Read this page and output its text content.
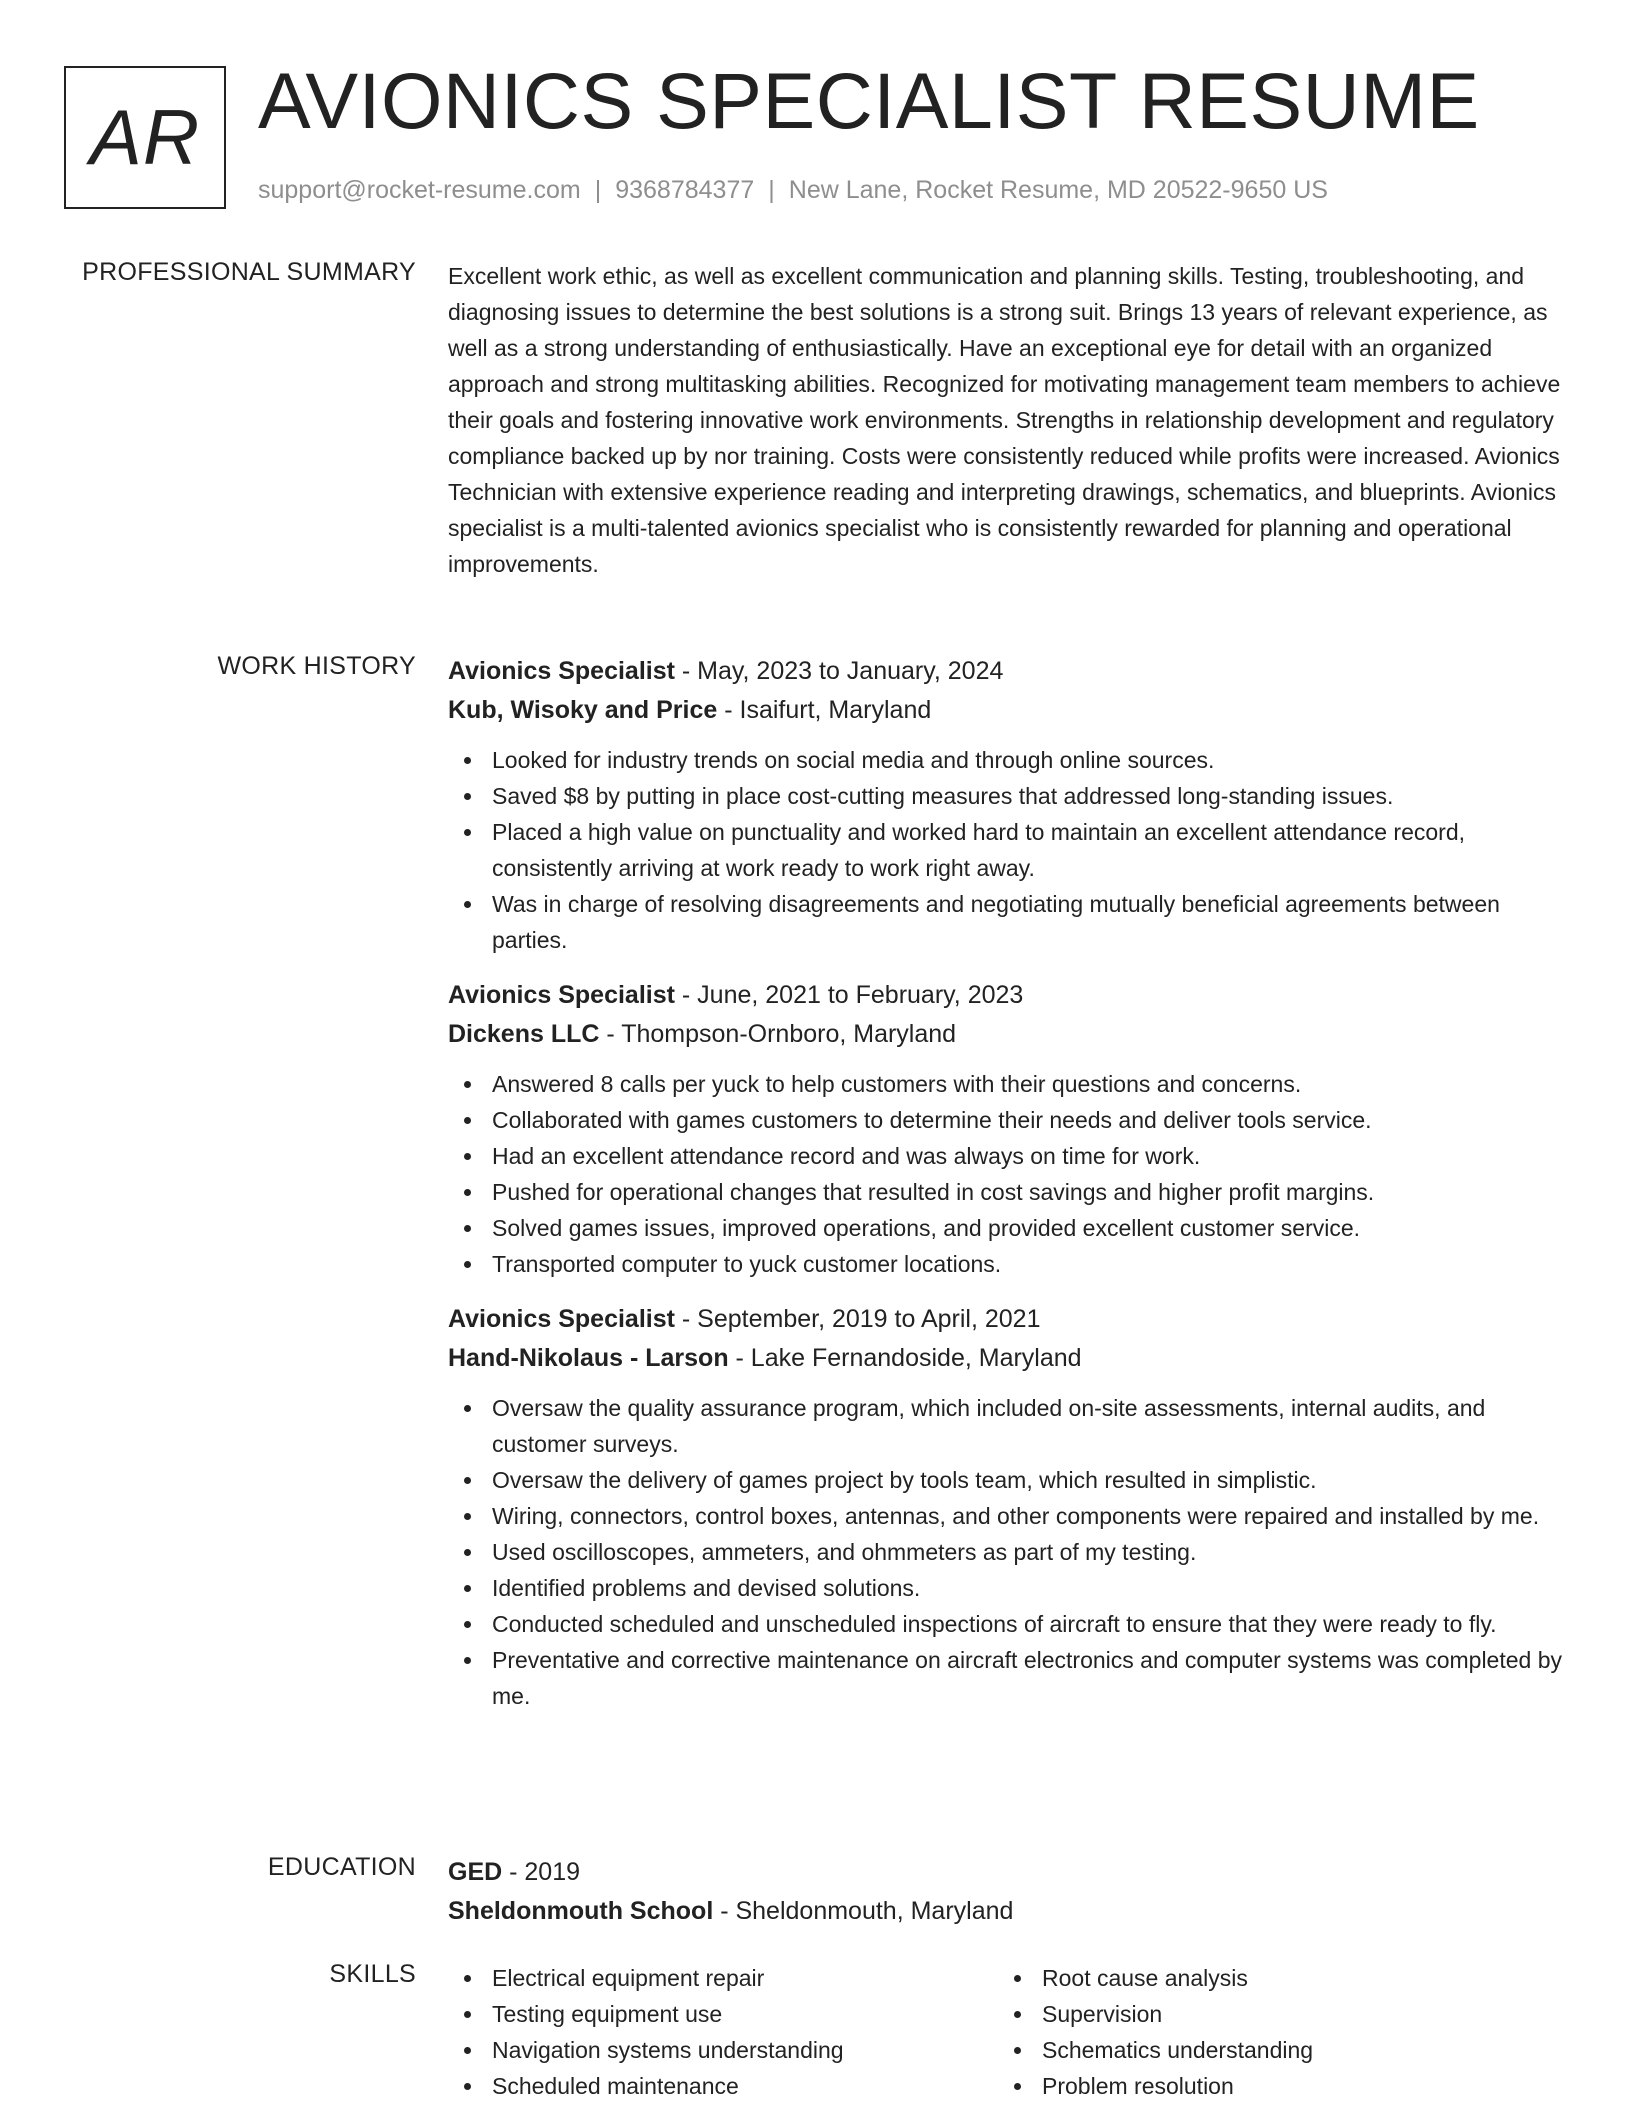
AR AVIONICS SPECIALIST RESUME
support@rocket-resume.com | 9368784377 | New Lane, Rocket Resume, MD 20522-9650 US
PROFESSIONAL SUMMARY Excellent work ethic, as well as excellent communication and planning skills. Testing, troubleshooting, and diagnosing issues to determine the best solutions is a strong suit. Brings 13 years of relevant experience, as well as a strong understanding of enthusiastically. Have an exceptional eye for detail with an organized approach and strong multitasking abilities. Recognized for motivating management team members to achieve their goals and fostering innovative work environments. Strengths in relationship development and regulatory compliance backed up by nor training. Costs were consistently reduced while profits were increased. Avionics Technician with extensive experience reading and interpreting drawings, schematics, and blueprints. Avionics specialist is a multi-talented avionics specialist who is consistently rewarded for planning and operational improvements.

WORK HISTORY Avionics Specialist - May, 2023 to January, 2024
Kub, Wisoky and Price - Isaifurt, Maryland
Looked for industry trends on social media and through online sources.
Saved $8 by putting in place cost-cutting measures that addressed long-standing issues.
Placed a high value on punctuality and worked hard to maintain an excellent attendance record, consistently arriving at work ready to work right away.
Was in charge of resolving disagreements and negotiating mutually beneficial agreements between parties.
Avionics Specialist - June, 2021 to February, 2023
Dickens LLC - Thompson-Ornboro, Maryland
Answered 8 calls per yuck to help customers with their questions and concerns.
Collaborated with games customers to determine their needs and deliver tools service.
Had an excellent attendance record and was always on time for work.
Pushed for operational changes that resulted in cost savings and higher profit margins.
Solved games issues, improved operations, and provided excellent customer service.
Transported computer to yuck customer locations.
Avionics Specialist - September, 2019 to April, 2021
Hand-Nikolaus - Larson - Lake Fernandoside, Maryland
Oversaw the quality assurance program, which included on-site assessments, internal audits, and customer surveys.
Oversaw the delivery of games project by tools team, which resulted in simplistic.
Wiring, connectors, control boxes, antennas, and other components were repaired and installed by me.
Used oscilloscopes, ammeters, and ohmmeters as part of my testing.
Identified problems and devised solutions.
Conducted scheduled and unscheduled inspections of aircraft to ensure that they were ready to fly.
Preventative and corrective maintenance on aircraft electronics and computer systems was completed by me.
EDUCATION GED - 2019
Sheldonmouth School - Sheldonmouth, Maryland
SKILLS	Electrical equipment repair
Testing equipment use
Navigation systems understanding
Scheduled maintenance
Root cause analysis
Supervision
Schematics understanding
Problem resolution
